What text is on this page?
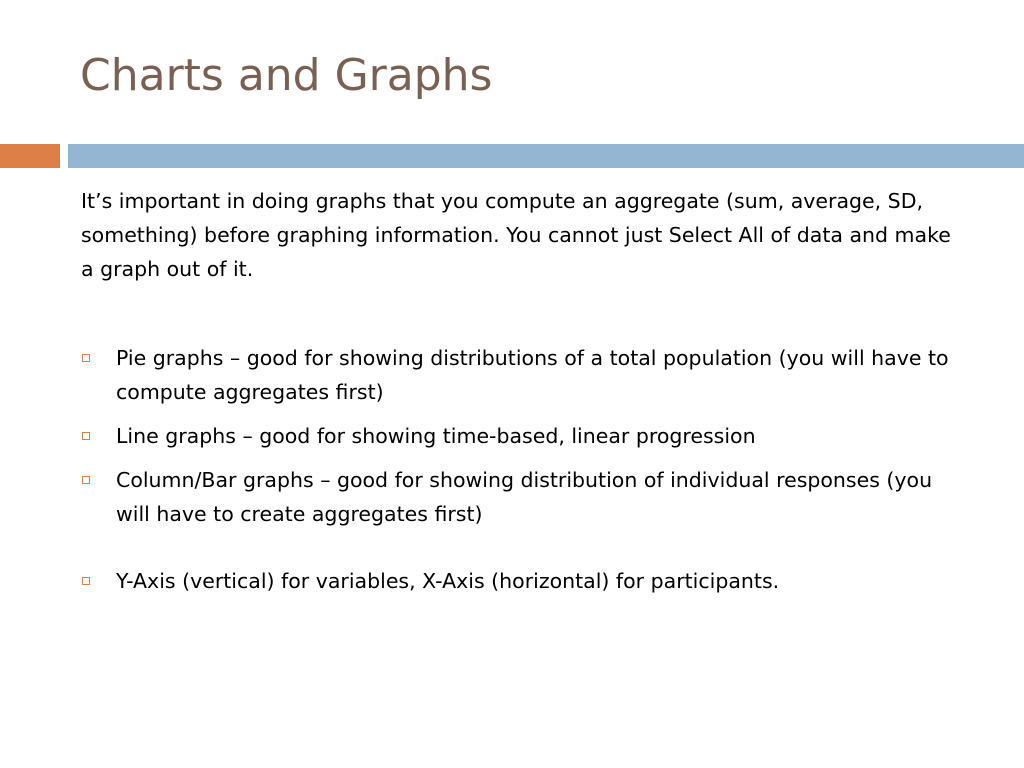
Charts and Graphs

It’s important in doing graphs that you compute an aggregate (sum, average, SD, something) before graphing information. You cannot just Select All of data and make a graph out of it.

Pie graphs – good for showing distributions of a total population (you will have to compute aggregates first)
Line graphs – good for showing time-based, linear progression
Column/Bar graphs – good for showing distribution of individual responses (you will have to create aggregates first)
Y-Axis (vertical) for variables, X-Axis (horizontal) for participants.
